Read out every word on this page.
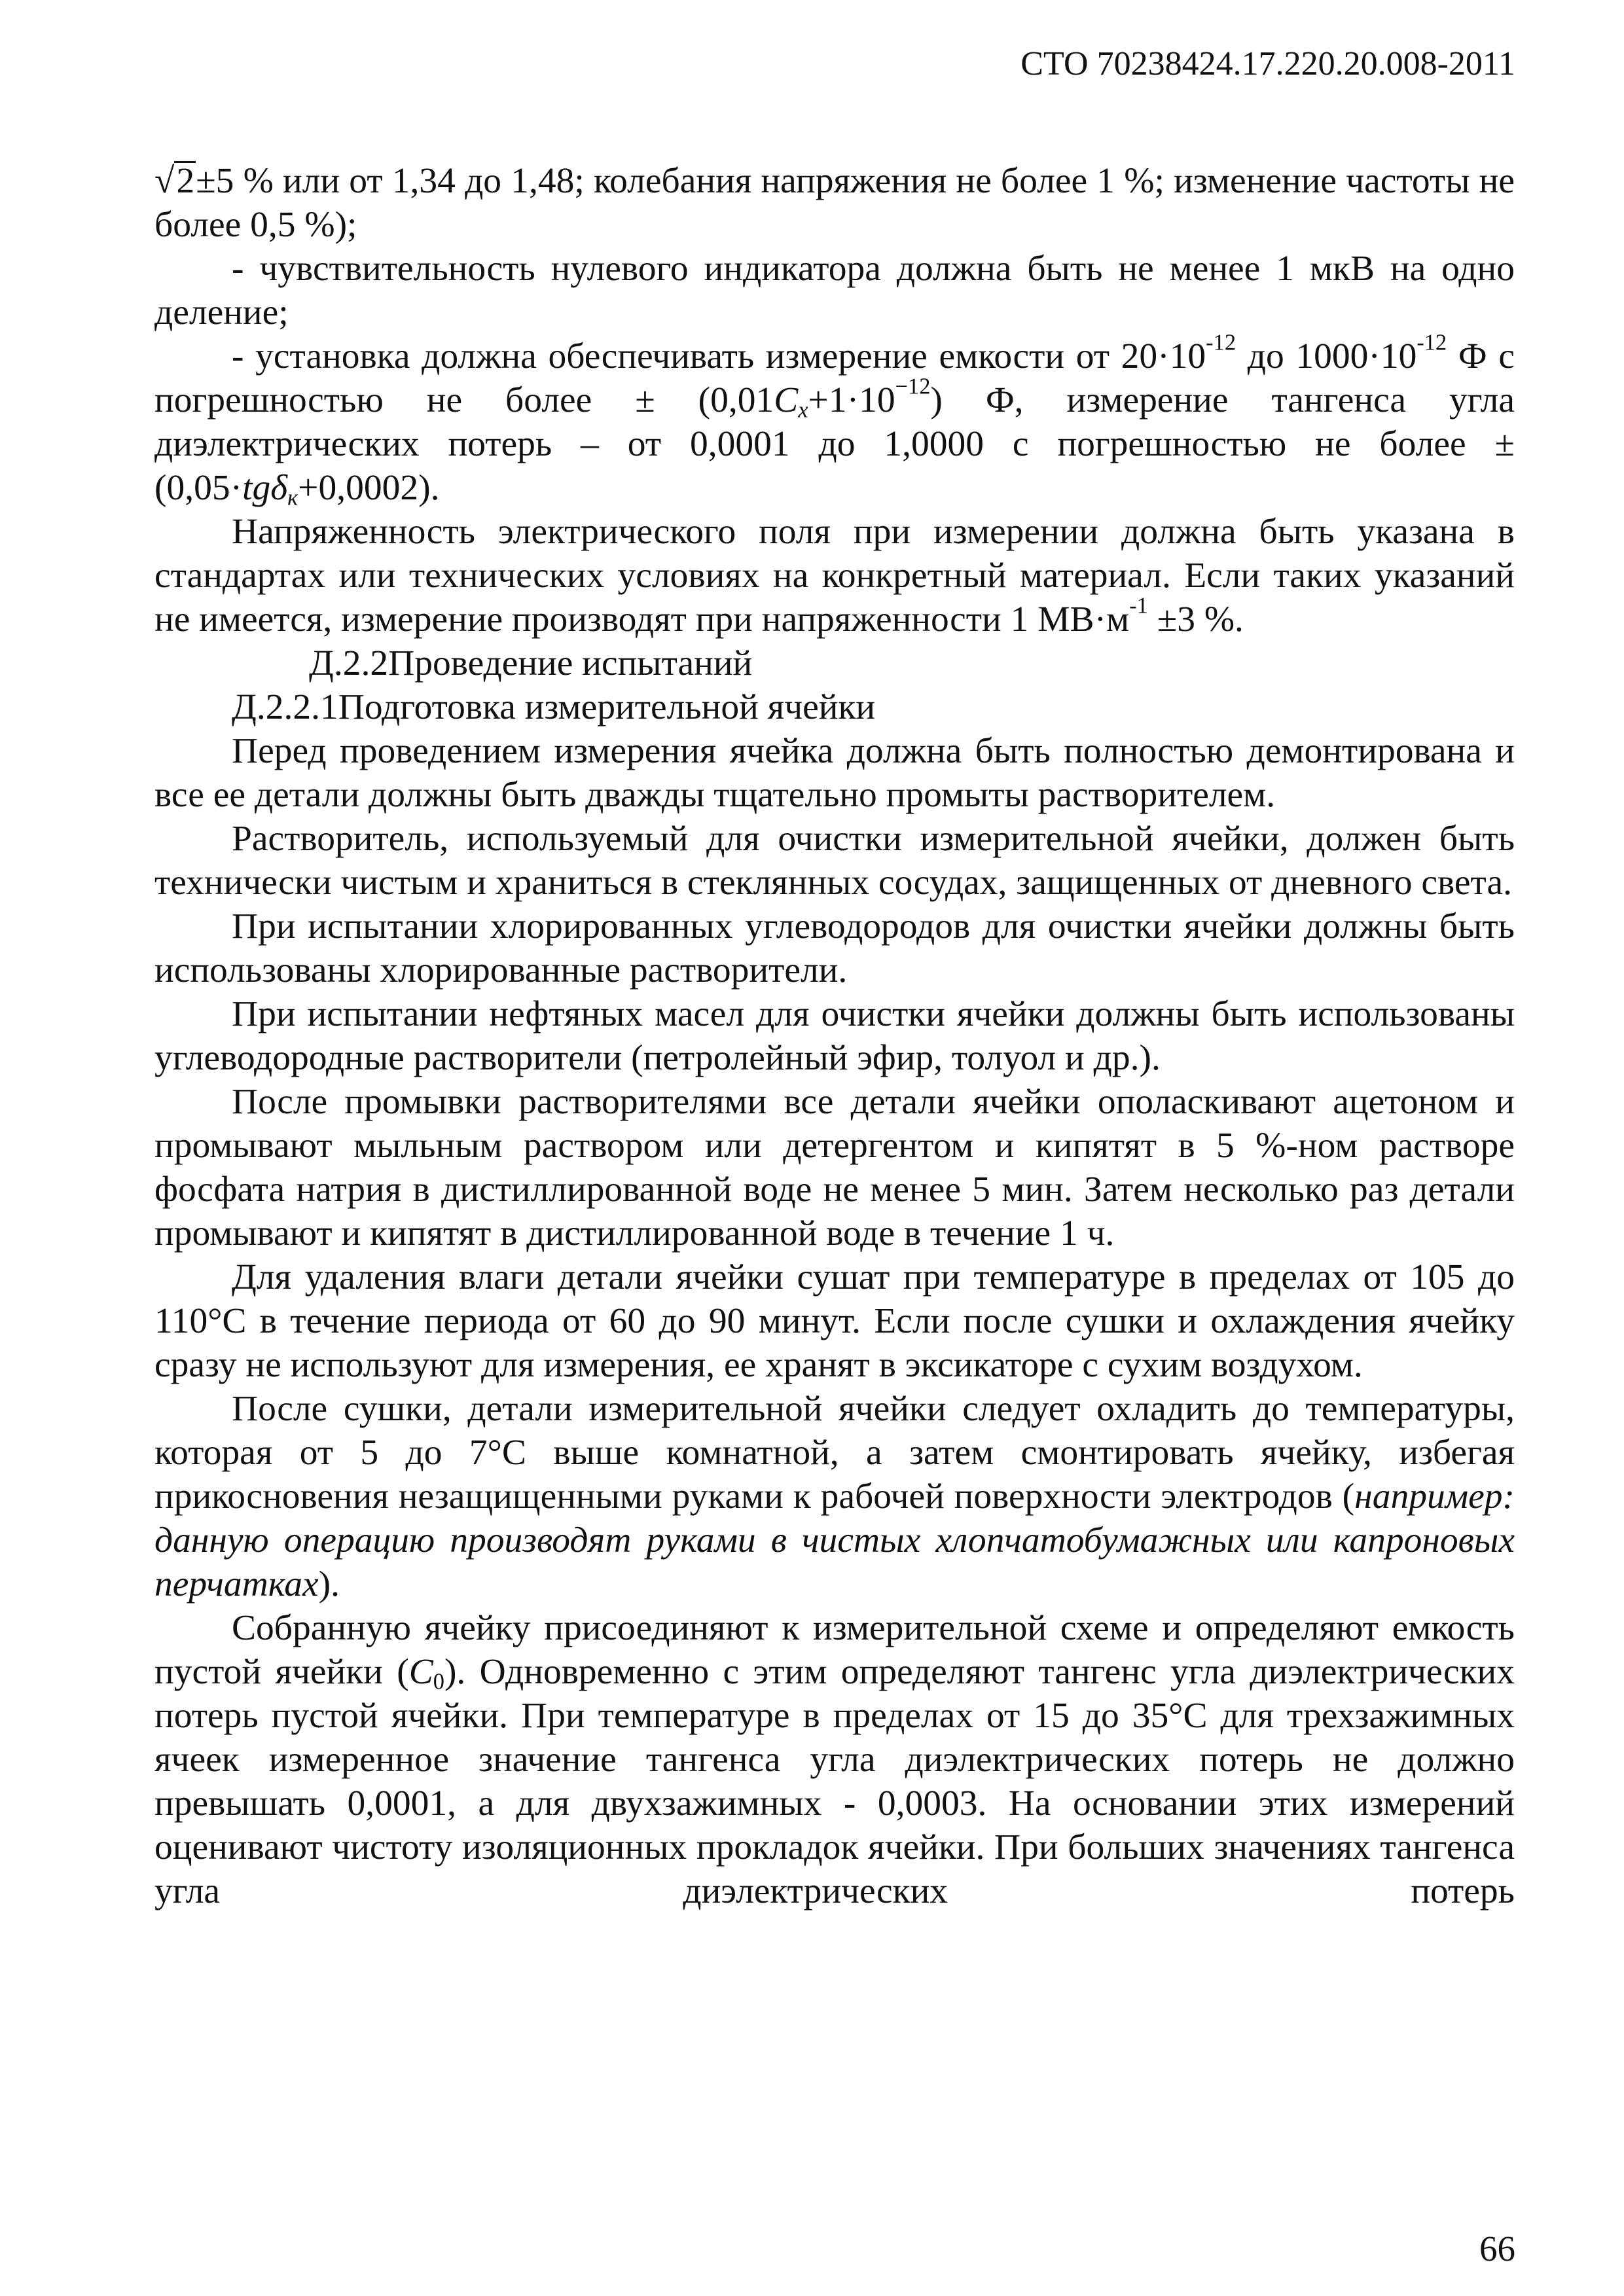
СТО 70238424.17.220.20.008-2011

√2±5 % или от 1,34 до 1,48; колебания напряжения не более 1 %; изменение частоты не более 0,5 %);

- чувствительность нулевого индикатора должна быть не менее 1 мкВ на одно деление;

- установка должна обеспечивать измерение емкости от $20\cdot 10^{-12}$ до $1000\cdot 10^{-12}$ Ф с погрешностью не более ± $(0,01C_x+1\cdot 10^{-12})$ Ф, измерение тангенса угла диэлектрических потерь – от 0,0001 до 1,0000 с погрешностью не более ±(0,05·tgδ$_к$+0,0002).

Напряженность электрического поля при измерении должна быть указана в стандартах или технических условиях на конкретный материал. Если таких указаний не имеется, измерение производят при напряженности 1 $МВ\cdot м^{-1} \pm 3$ %.

Д.2.2Проведение испытаний

Д.2.2.1Подготовка измерительной ячейки

Перед проведением измерения ячейка должна быть полностью демонтирована и все ее детали должны быть дважды тщательно промыты растворителем.

Растворитель, используемый для очистки измерительной ячейки, должен быть технически чистым и храниться в стеклянных сосудах, защищенных от дневного света.

При испытании хлорированных углеводородов для очистки ячейки должны быть использованы хлорированные растворители.

При испытании нефтяных масел для очистки ячейки должны быть использованы углеводородные растворители (петролейный эфир, толуол и др.).

После промывки растворителями все детали ячейки ополаскивают ацетоном и промывают мыльным раствором или детергентом и кипятят в 5 %-ном растворе фосфата натрия в дистиллированной воде не менее 5 мин. Затем несколько раз детали промывают и кипятят в дистиллированной воде в течение 1 ч.

Для удаления влаги детали ячейки сушат при температуре в пределах от 105 до 110°С в течение периода от 60 до 90 минут. Если после сушки и охлаждения ячейку сразу не используют для измерения, ее хранят в эксикаторе с сухим воздухом.

После сушки, детали измерительной ячейки следует охладить до температуры, которая от 5 до 7°С выше комнатной, а затем смонтировать ячейку, избегая прикосновения незащищенными руками к рабочей поверхности электродов (например: данную операцию производят руками в чистых хлопчатобумажных или капроновых перчатках).

Собранную ячейку присоединяют к измерительной схеме и определяют емкость пустой ячейки $(C_0)$. Одновременно с этим определяют тангенс угла диэлектрических потерь пустой ячейки. При температуре в пределах от 15 до 35°С для трехзажимных ячеек измеренное значение тангенса угла диэлектрических потерь не должно превышать 0,0001, а для двухзажимных - 0,0003. На основании этих измерений оценивают чистоту изоляционных прокладок ячейки. При больших значениях тангенса угла диэлектрических потерь

66
